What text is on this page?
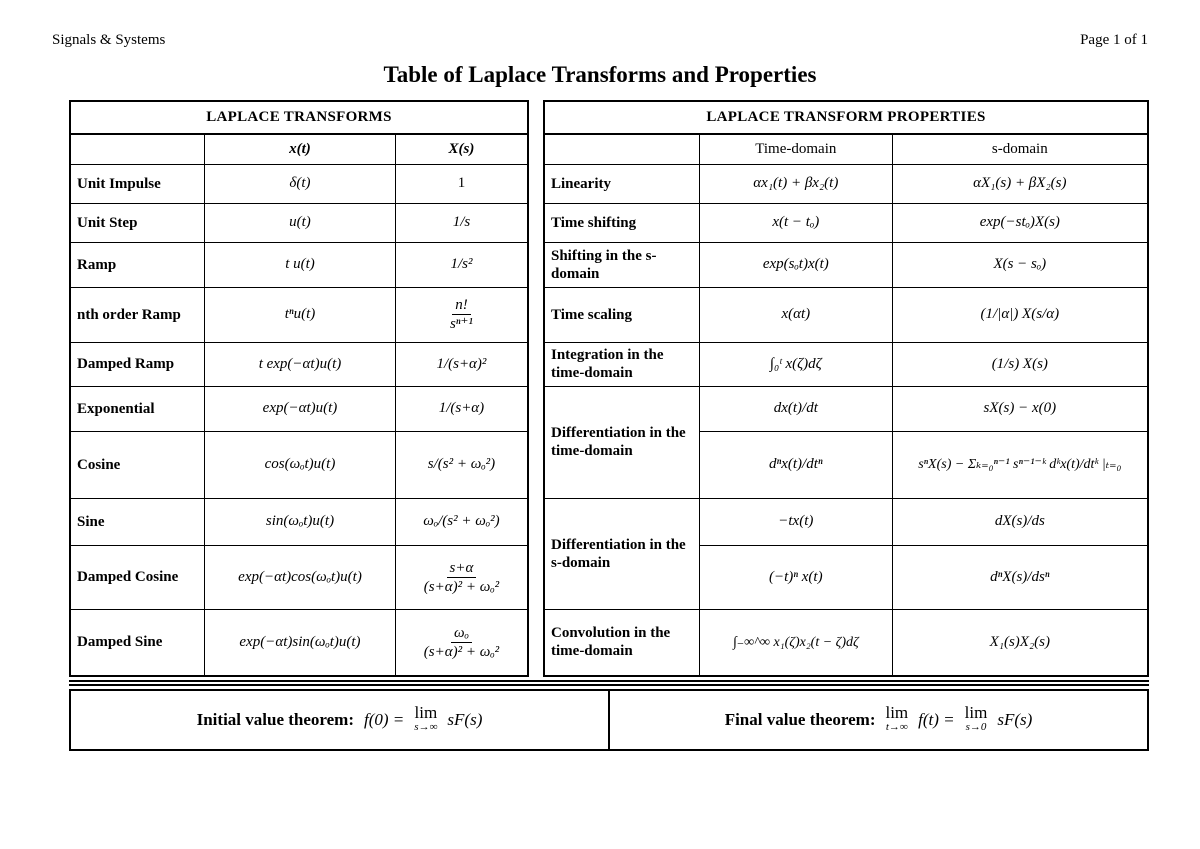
Signals & Systems	Page 1 of 1
Table of Laplace Transforms and Properties
LAPLACE TRANSFORMS		
	x(t)	X(s)
Unit Impulse	δ(t)	1
Unit Step	u(t)	1/s
Ramp	t u(t)	1/s²
nth order Ramp	tⁿu(t)	$\frac{n!}{\text{sⁿ⁺¹}}$

Damped Ramp	t exp(−αt)u(t)	1/(s+α)²
Exponential	exp(−αt)u(t)	1/(s+α)
Cosine	cos(ωₒt)u(t)	s/(s² + ωₒ²)
Sine	sin(ωₒt)u(t)	ωₒ/(s² + ωₒ²)
Damped Cosine	exp(−αt)cos(ωₒt)u(t)	$\frac{s+\alpha}{\text{(s+α)² + ωₒ²}}$

Damped Sine	exp(−αt)sin(ωₒt)u(t)	$\frac{\text{ωₒ}}{\text{(s+α)² + ωₒ²}}$
LAPLACE TRANSFORM PROPERTIES		
	Time-domain	s-domain
Linearity	αx₁(t) + βx₂(t)	αX₁(s) + βX₂(s)
Time shifting	x(t − tₒ)	exp(−stₒ)X(s)
Shifting in the s-domain	exp(sₒt)x(t)	X(s − sₒ)
Time scaling	x(αt)	(1/|α|) X(s/α)
Integration in the time-domain	∫₀ᵗ x(ζ)dζ	(1/s) X(s)
Differentiation in the time-domain	dx(t)/dt	sX(s) − x(0)
	dⁿx(t)/dtⁿ	sⁿX(s) − Σₖ₌₀ⁿ⁻¹ sⁿ⁻¹⁻ᵏ dᵏx(t)/dtᵏ |ₜ₌₀
Differentiation in the s-domain	−tx(t)	dX(s)/ds
	(−t)ⁿ x(t)	dⁿX(s)/dsⁿ
Convolution in the time-domain	∫₋∞^∞ x₁(ζ)x₂(t − ζ)dζ	X₁(s)X₂(s)
Initial value theorem: f(0) = lim
s→∞ sF(s)	Final value theorem: lim
t→∞ f(t) = lim
s→0 sF(s)
